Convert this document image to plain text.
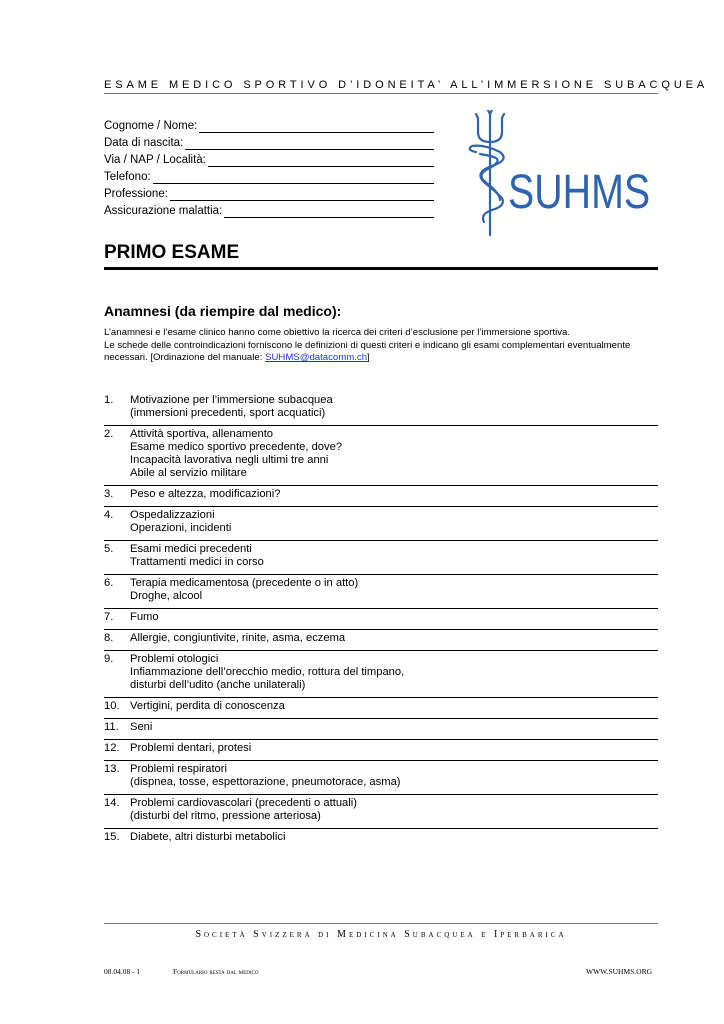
ESAME MEDICO SPORTIVO D’IDONEITA’ ALL’IMMERSIONE SUBACQUEA
Cognome / Nome:
Data di nascita:
Via / NAP / Località:
Telefono:
Professione:
Assicurazione malattia:	SUHMS
PRIMO ESAME
Anamnesi (da riempire dal medico):
L’anamnesi e l’esame clinico hanno come obiettivo la ricerca dei criteri d’esclusione per l’immersione sportiva.
Le schede delle controindicazioni forniscono le definizioni di questi criteri e indicano gli esami complementari eventualmente
necessari. [Ordinazione del manuale: SUHMS@datacomm.ch]
1. Motivazione per l’immersione subacquea
(immersioni precedenti, sport acquatici)
2. Attività sportiva, allenamento
Esame medico sportivo precedente, dove?
Incapacità lavorativa negli ultimi tre anni
Abile al servizio militare
3. Peso e altezza, modificazioni?
4. Ospedalizzazioni
Operazioni, incidenti
5. Esami medici precedenti
Trattamenti medici in corso
6. Terapia medicamentosa (precedente o in atto)
Droghe, alcool
7. Fumo
8. Allergie, congiuntivite, rinite, asma, eczema
9. Problemi otologici
Infiammazione dell’orecchio medio, rottura del timpano,
disturbi dell’udito (anche unilaterali)
10. Vertigini, perdita di conoscenza
11. Seni
12. Problemi dentari, protesi
13. Problemi respiratori
(dispnea, tosse, espettorazione, pneumotorace, asma)
14. Problemi cardiovascolari (precedenti o attuali)
(disturbi del ritmo, pressione arteriosa)
15. Diabete, altri disturbi metabolici
Società Svizzera di Medicina Subacquea e Iperbarica
08.04.08 - 1	Formulario resta dal medico	WWW.SUHMS.ORG
